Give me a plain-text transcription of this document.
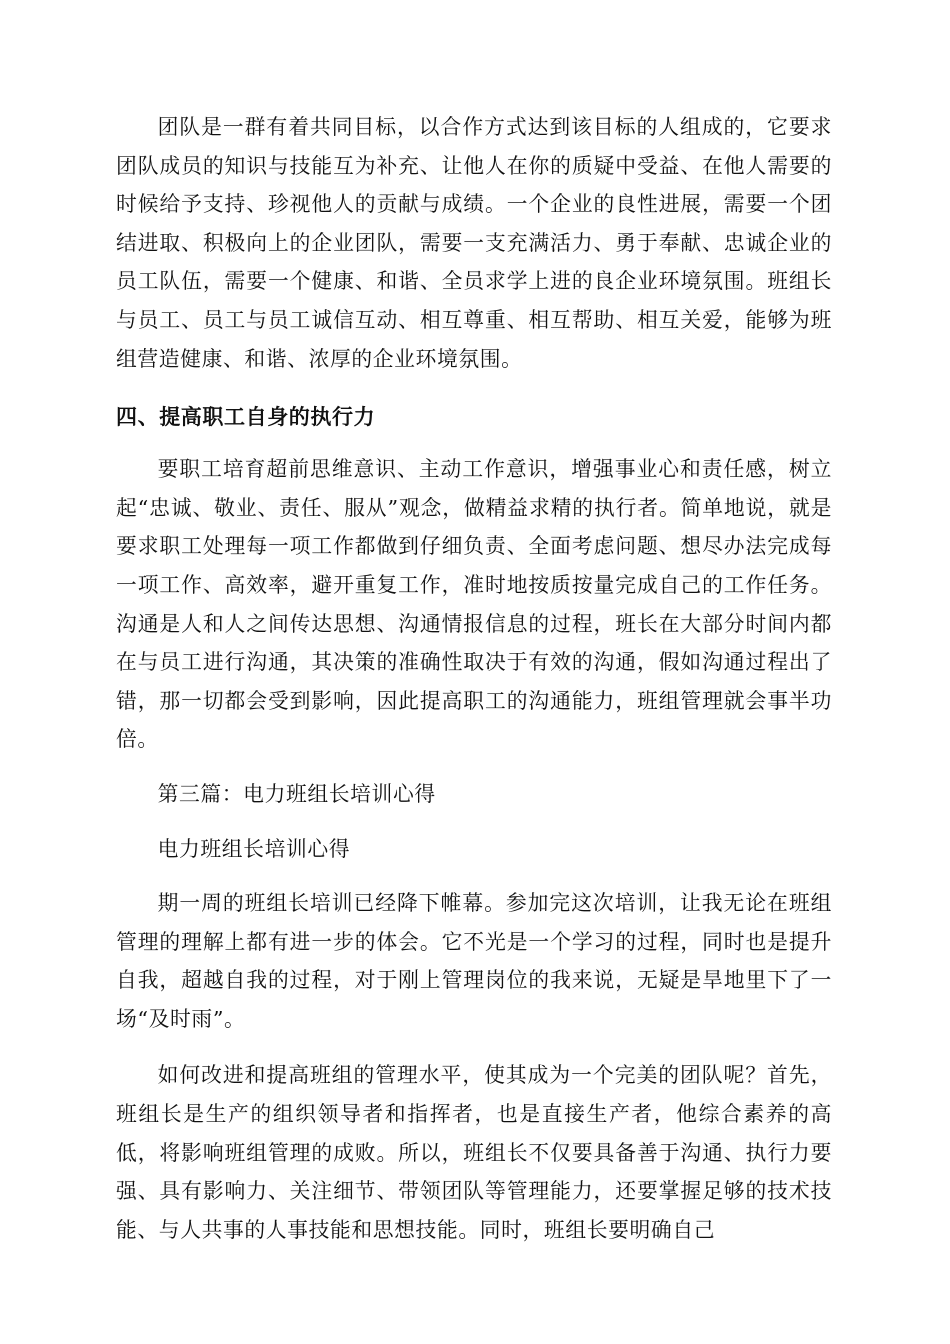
团队是一群有着共同目标，以合作方式达到该目标的人组成的，它要求团队成员的知识与技能互为补充、让他人在你的质疑中受益、在他人需要的时候给予支持、珍视他人的贡献与成绩。一个企业的良性进展，需要一个团结进取、积极向上的企业团队，需要一支充满活力、勇于奉献、忠诚企业的员工队伍，需要一个健康、和谐、全员求学上进的良企业环境氛围。班组长与员工、员工与员工诚信互动、相互尊重、相互帮助、相互关爱，能够为班组营造健康、和谐、浓厚的企业环境氛围。

四、提高职工自身的执行力

要职工培育超前思维意识、主动工作意识，增强事业心和责任感，树立起“忠诚、敬业、责任、服从”观念，做精益求精的执行者。简单地说，就是要求职工处理每一项工作都做到仔细负责、全面考虑问题、想尽办法完成每一项工作、高效率，避开重复工作，准时地按质按量完成自己的工作任务。沟通是人和人之间传达思想、沟通情报信息的过程，班长在大部分时间内都在与员工进行沟通，其决策的准确性取决于有效的沟通，假如沟通过程出了错，那一切都会受到影响，因此提高职工的沟通能力，班组管理就会事半功倍。

第三篇：电力班组长培训心得

电力班组长培训心得

期一周的班组长培训已经降下帷幕。参加完这次培训，让我无论在班组管理的理解上都有进一步的体会。它不光是一个学习的过程，同时也是提升自我，超越自我的过程，对于刚上管理岗位的我来说，无疑是旱地里下了一场“及时雨”。

如何改进和提高班组的管理水平，使其成为一个完美的团队呢？首先，班组长是生产的组织领导者和指挥者，也是直接生产者，他综合素养的高低，将影响班组管理的成败。所以，班组长不仅要具备善于沟通、执行力要强、具有影响力、关注细节、带领团队等管理能力，还要掌握足够的技术技能、与人共事的人事技能和思想技能。同时，班组长要明确自己
